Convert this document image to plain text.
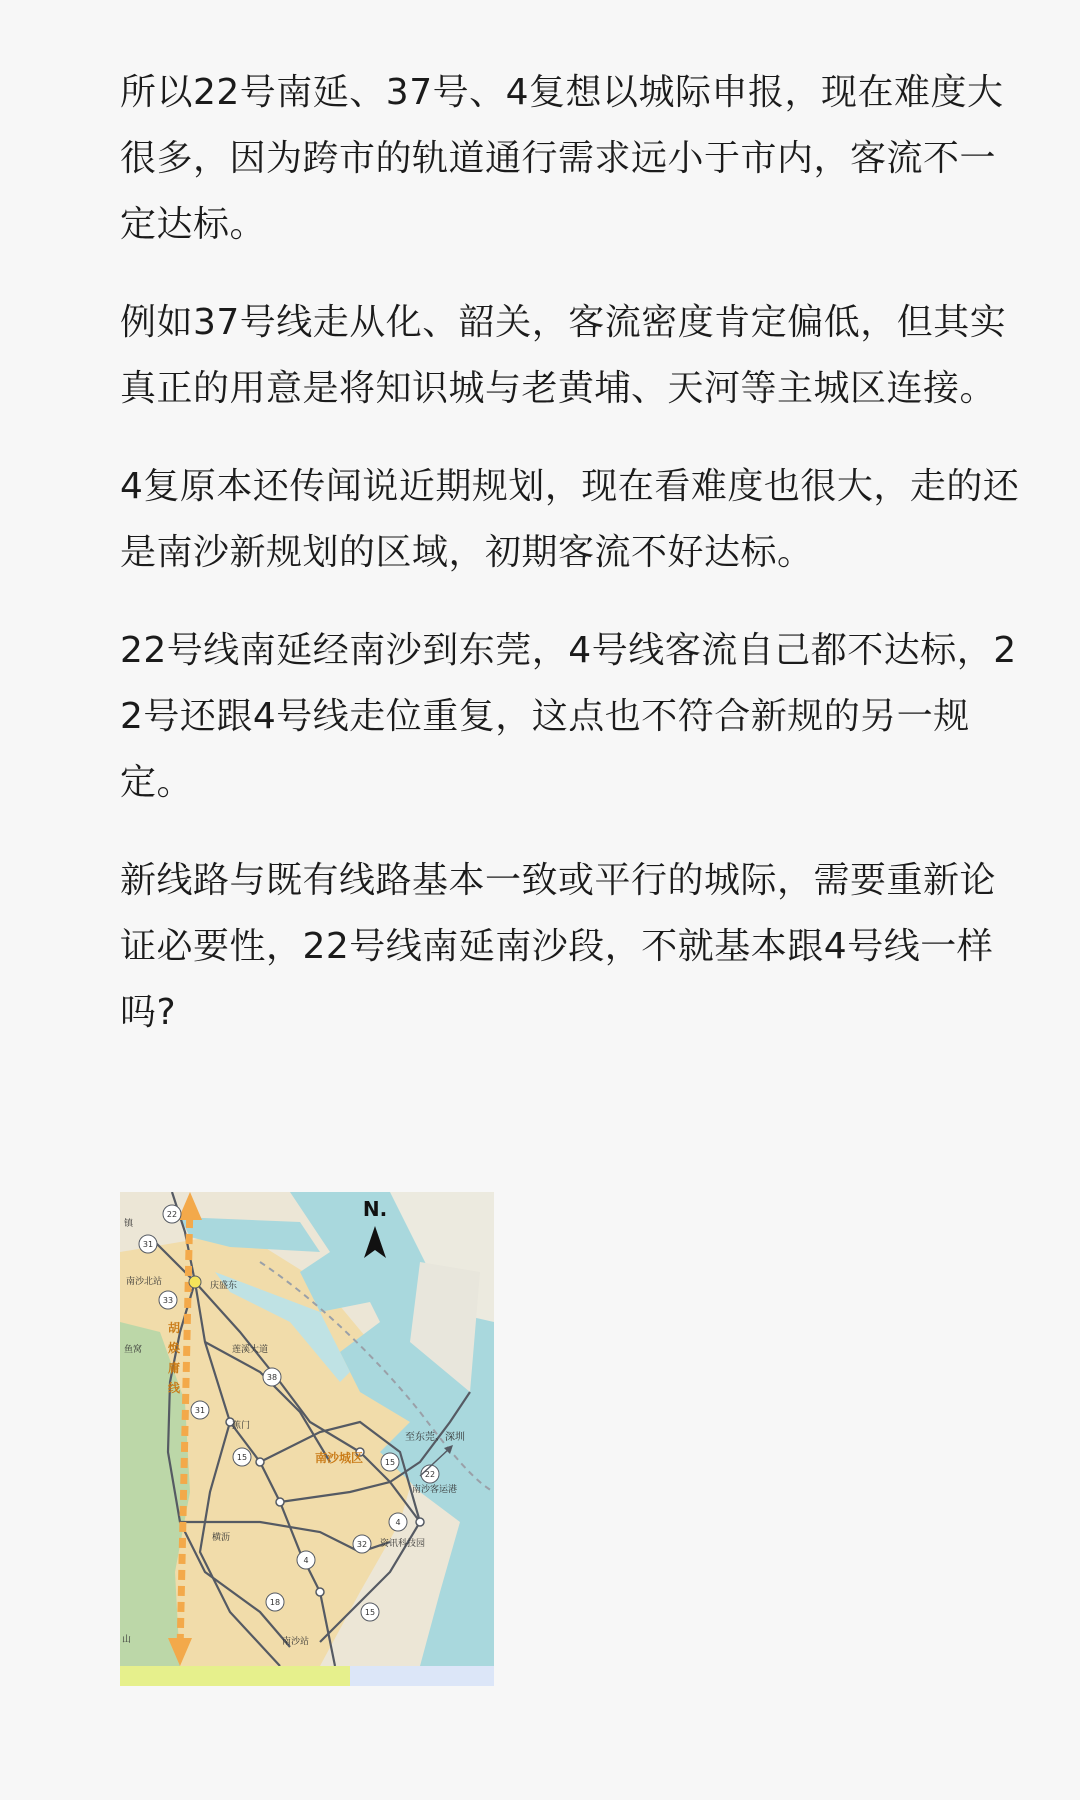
所以22号南延、37号、4复想以城际申报，现在难度大很多，因为跨市的轨道通行需求远小于市内，客流不一定达标。

例如37号线走从化、韶关，客流密度肯定偏低，但其实真正的用意是将知识城与老黄埔、天河等主城区连接。

4复原本还传闻说近期规划，现在看难度也很大，走的还是南沙新规划的区域，初期客流不好达标。

22号线南延经南沙到东莞，4号线客流自己都不达标，22号还跟4号线走位重复，这点也不符合新规的另一规定。

新线路与既有线路基本一致或平行的城际，需要重新论证必要性，22号线南延南沙段，不就基本跟4号线一样吗?

22
31
33
38
31
15
15
22
4
32
4
18
15
N.
胡
焕
庸
线
镇
南沙北站	庆盛东
鱼窝	莲溪大道
蕉门
南沙客运港
资讯科技园
横沥
南沙站
山
南沙城区
至东莞、深圳
